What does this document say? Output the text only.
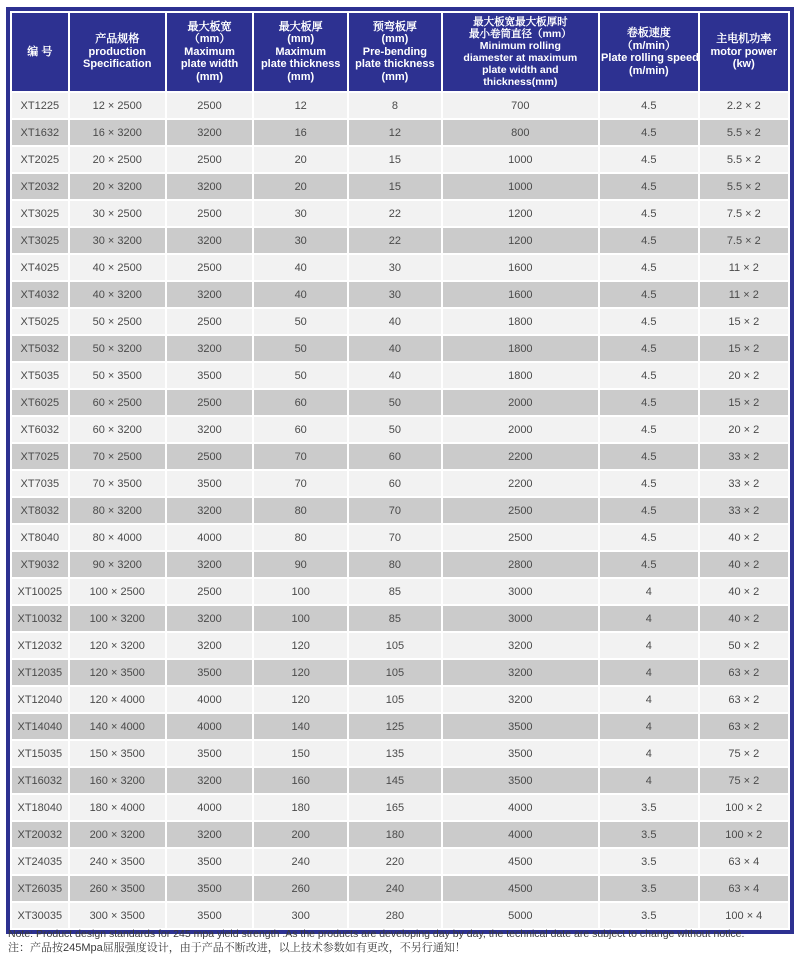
编 号

产品规格
production
Specification

最大板宽
（mm）
Maximum
plate width
(mm)

最大板厚
(mm)
Maximum
plate thickness
(mm)

预弯板厚
(mm)
Pre-bending
plate thickness
(mm)

最大板宽最大板厚时
最小卷筒直径（mm）
Minimum rolling
diamester at maximum
plate width and
thickness(mm)

卷板速度
（m/min）
Plate rolling speed
(m/min)

主电机功率
motor power
(kw)

XT1225	12 × 2500	2500	12	8	700	4.5	2.2 × 2
XT1632	16 × 3200	3200	16	12	800	4.5	5.5 × 2
XT2025	20 × 2500	2500	20	15	1000	4.5	5.5 × 2
XT2032	20 × 3200	3200	20	15	1000	4.5	5.5 × 2
XT3025	30 × 2500	2500	30	22	1200	4.5	7.5 × 2
XT3025	30 × 3200	3200	30	22	1200	4.5	7.5 × 2
XT4025	40 × 2500	2500	40	30	1600	4.5	11 × 2
XT4032	40 × 3200	3200	40	30	1600	4.5	11 × 2
XT5025	50 × 2500	2500	50	40	1800	4.5	15 × 2
XT5032	50 × 3200	3200	50	40	1800	4.5	15 × 2
XT5035	50 × 3500	3500	50	40	1800	4.5	20 × 2
XT6025	60 × 2500	2500	60	50	2000	4.5	15 × 2
XT6032	60 × 3200	3200	60	50	2000	4.5	20 × 2
XT7025	70 × 2500	2500	70	60	2200	4.5	33 × 2
XT7035	70 × 3500	3500	70	60	2200	4.5	33 × 2
XT8032	80 × 3200	3200	80	70	2500	4.5	33 × 2
XT8040	80 × 4000	4000	80	70	2500	4.5	40 × 2
XT9032	90 × 3200	3200	90	80	2800	4.5	40 × 2
XT10025	100 × 2500	2500	100	85	3000	4	40 × 2
XT10032	100 × 3200	3200	100	85	3000	4	40 × 2
XT12032	120 × 3200	3200	120	105	3200	4	50 × 2
XT12035	120 × 3500	3500	120	105	3200	4	63 × 2
XT12040	120 × 4000	4000	120	105	3200	4	63 × 2
XT14040	140 × 4000	4000	140	125	3500	4	63 × 2
XT15035	150 × 3500	3500	150	135	3500	4	75 × 2
XT16032	160 × 3200	3200	160	145	3500	4	75 × 2
XT18040	180 × 4000	4000	180	165	4000	3.5	100 × 2
XT20032	200 × 3200	3200	200	180	4000	3.5	100 × 2
XT24035	240 × 3500	3500	240	220	4500	3.5	63 × 4
XT26035	260 × 3500	3500	260	240	4500	3.5	63 × 4
XT30035	300 × 3500	3500	300	280	5000	3.5	100 × 4
Note: Product design standards for 245 mpa yield strength .As the products are developing day by day, the technical date are subject to change without notice.
注：产品按245Mpa屈服强度设计，由于产品不断改进，以上技术参数如有更改，不另行通知！
